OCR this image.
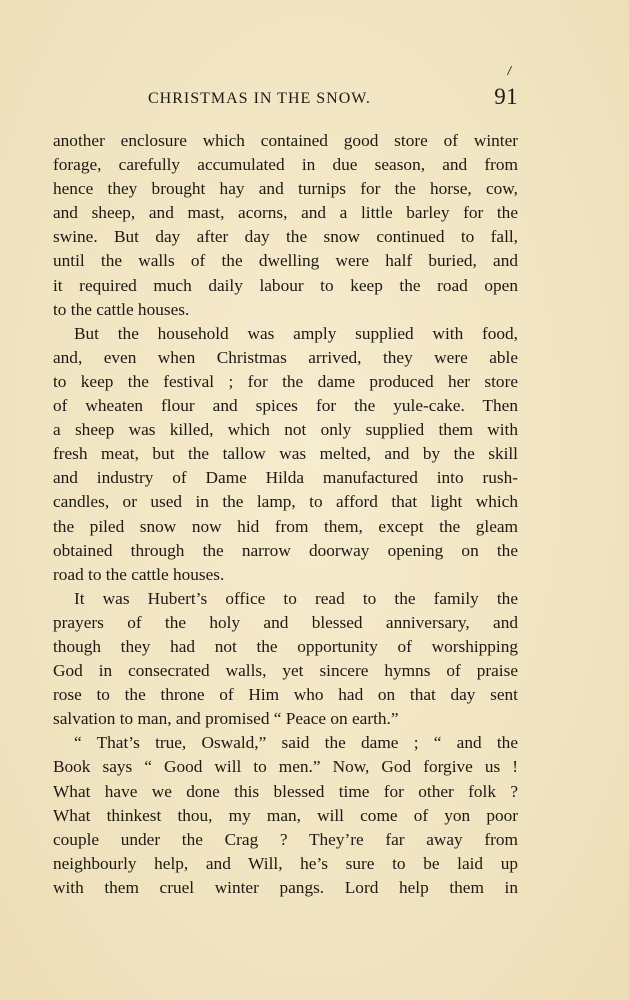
CHRISTMAS IN THE SNOW.	91
another enclosure which contained good store of winter
forage, carefully accumulated in due season, and from
hence they brought hay and turnips for the horse, cow,
and sheep, and mast, acorns, and a little barley for the
swine. But day after day the snow continued to fall,
until the walls of the dwelling were half buried, and
it required much daily labour to keep the road open
to the cattle houses.
But the household was amply supplied with food,
and, even when Christmas arrived, they were able
to keep the festival ; for the dame produced her store
of wheaten flour and spices for the yule-cake. Then
a sheep was killed, which not only supplied them with
fresh meat, but the tallow was melted, and by the skill
and industry of Dame Hilda manufactured into rush-
candles, or used in the lamp, to afford that light which
the piled snow now hid from them, except the gleam
obtained through the narrow doorway opening on the
road to the cattle houses.
It was Hubert’s office to read to the family the
prayers of the holy and blessed anniversary, and
though they had not the opportunity of worshipping
God in consecrated walls, yet sincere hymns of praise
rose to the throne of Him who had on that day sent
salvation to man, and promised “ Peace on earth.”
“ That’s true, Oswald,” said the dame ; “ and the
Book says “ Good will to men.” Now, God forgive us !
What have we done this blessed time for other folk ?
What thinkest thou, my man, will come of yon poor
couple under the Crag ? They’re far away from
neighbourly help, and Will, he’s sure to be laid up
with them cruel winter pangs. Lord help them in
